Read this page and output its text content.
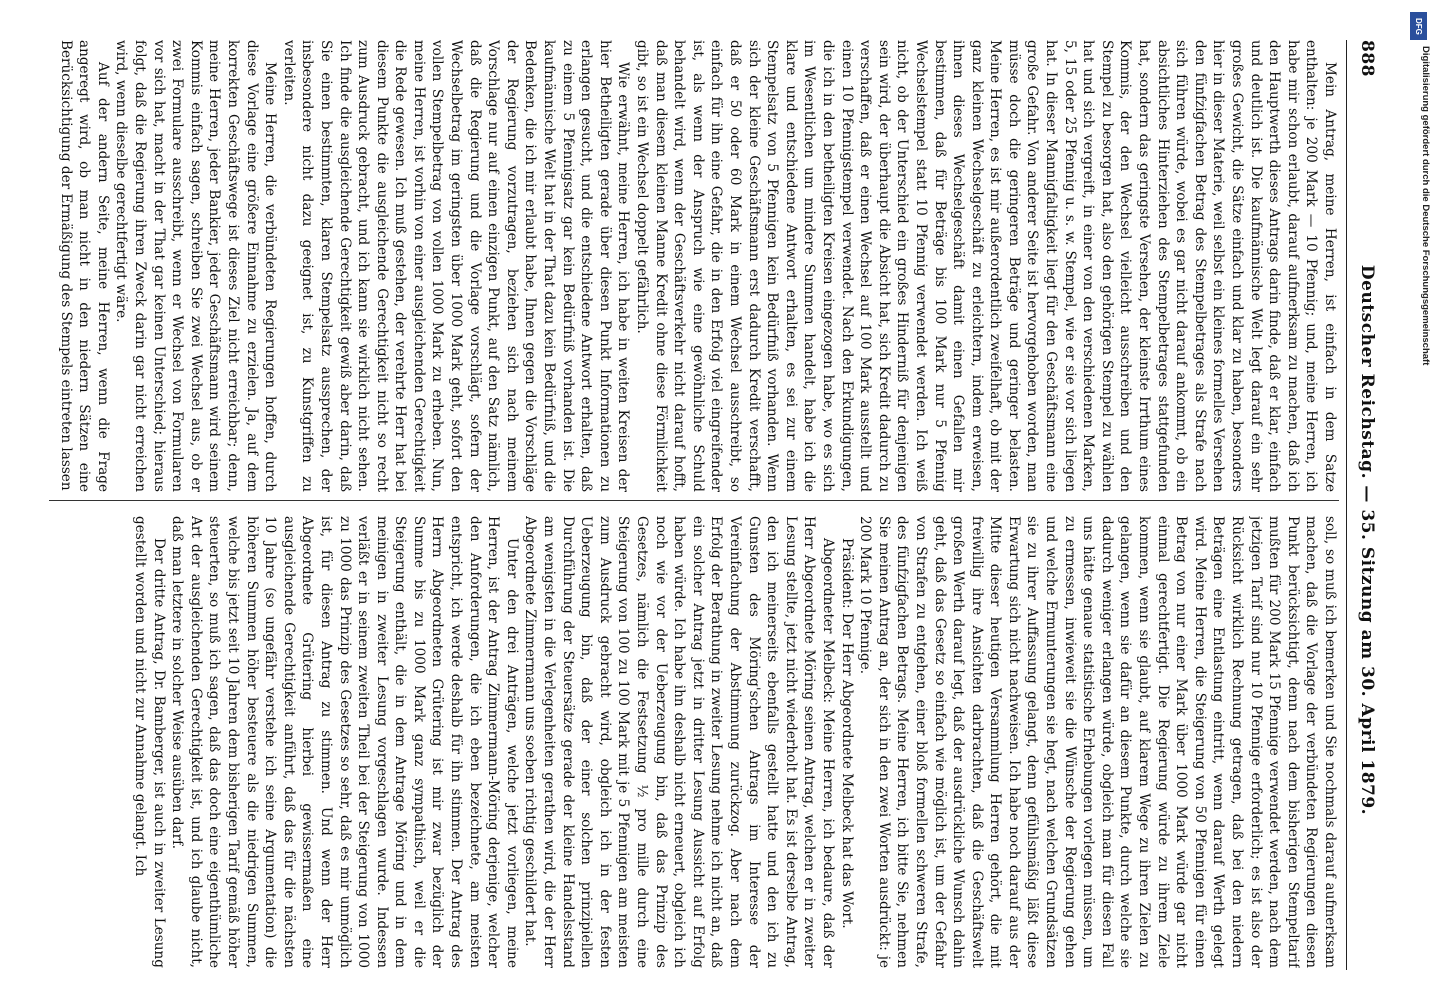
888
Deutscher Reichstag. — 35. Sitzung am 30. April 1879.

Mein Antrag, meine Herren, ist einfach in dem Satze enthalten: je 200 Mark — 10 Pfennig; und, meine Herren, ich habe mir schon erlaubt, darauf aufmerksam zu machen, daß ich den Hauptwerth dieses Antrags darin finde, daß er klar, einfach und deutlich ist. Die kaufmännische Welt legt darauf ein sehr großes Gewicht, die Sätze einfach und klar zu haben, besonders hier in dieser Materie, weil selbst ein kleines formelles Versehen den fünfzigfachen Betrag des Stempelbetrages als Strafe nach sich führen würde, wobei es gar nicht darauf ankommt, ob ein absichtliches Hinterziehen des Stempelbetrages stattgefunden hat, sondern das geringste Versehen, der kleinste Irrthum eines Kommis, der den Wechsel vielleicht ausschreiben und den Stempel zu besorgen hat, also den gehörigen Stempel zu wählen hat und sich vergreift, in einer von den verschiedenen Marken, 5, 15 oder 25 Pfennig u. s. w. Stempel, wie er sie vor sich liegen hat. In dieser Mannigfaltigkeit liegt für den Geschäftsmann eine große Gefahr. Von anderer Seite ist hervorgehoben worden, man müsse doch die geringeren Beträge und geringer belasten. Meine Herren, es ist mir außerordentlich zweifelhaft, ob mit der ganz kleinen Wechselgeschäft zu erleichtern, indem erweisen, ihnen dieses Wechselgeschäft damit einen Gefallen mir bestimmen, daß für Beträge bis 100 Mark nur 5 Pfennig Wechselstempel statt 10 Pfennig verwendet werden. Ich weiß nicht, ob der Unterschied ein großes Hinderniß für denjenigen sein wird, der überhaupt die Absicht hat, sich Kredit dadurch zu verschaffen, daß er einen Wechsel auf 100 Mark ausstellt und einen 10 Pfennigstempel verwendet. Nach den Erkundigungen, die ich in den betheiligten Kreisen eingezogen habe, wo es sich im Wesentlichen um mindere Summen handelt, habe ich die klare und entschiedene Antwort erhalten, es sei zur einem Stempelsatz von 5 Pfennigen kein Bedürfniß vorhanden. Wenn sich der kleine Geschäftsmann erst dadurch Kredit verschafft, daß er 50 oder 60 Mark in einem Wechsel ausschreibt, so einfach für ihn eine Gefahr, die in den Erfolg viel eingreifender ist, als wenn der Anspruch wie eine gewöhnliche Schuld behandelt wird, wenn der Geschäftsverkehr nicht darauf hofft, daß man diesem kleinen Manne Kredit ohne diese Förmlichkeit gibt, so ist ein Wechsel doppelt gefährlich.

Wie erwähnt, meine Herren, ich habe in weiten Kreisen der hier Betheiligten gerade über diesen Punkt Informationen zu erlangen gesucht, und die entschiedene Antwort erhalten, daß zu einem 5 Pfennigsatz gar kein Bedürfniß vorhanden ist. Die kaufmännische Welt hat in der That dazu kein Bedürfniß, und die Bedenken, die ich mir erlaubt habe, Ihnen gegen die Vorschläge der Regierung vorzutragen, beziehen sich nach meinem Vorschlage nur auf einen einzigen Punkt, auf den Satz nämlich, daß die Regierung und die Vorlage vorschlägt, sofern der Wechselbetrag im geringsten über 1000 Mark geht, sofort den vollen Stempelbetrag von vollen 1000 Mark zu erheben. Nun, meine Herren, ist vorhin von einer ausgleichenden Gerechtigkeit die Rede gewesen. Ich muß gestehen, der verehrte Herr hat bei diesem Punkte die ausgleichende Gerechtigkeit nicht so recht zum Ausdruck gebracht, und ich kann sie wirklich nicht sehen. Ich finde die ausgleichende Gerechtigkeit gewiß aber darin, daß Sie einen bestimmten, klaren Stempelsatz aussprechen, der insbesondere nicht dazu geeignet ist, zu Kunstgriffen zu verleiten.

Meine Herren, die verbündeten Regierungen hoffen, durch diese Vorlage eine größere Einnahme zu erzielen. Ja, auf dem korrekten Geschäftswege ist dieses Ziel nicht erreichbar; denn, meine Herren, jeder Bankier, jeder Geschäftsmann wird seinem Kommis einfach sagen, schreiben Sie zwei Wechsel aus, ob er zwei Formulare ausschreibt, wenn er Wechsel von Formularen vor sich hat, macht in der That gar keinen Unterschied; hieraus folgt, daß die Regierung ihren Zweck darin gar nicht erreichen wird, wenn dieselbe gerechtfertigt wäre.

Auf der andern Seite, meine Herren, wenn die Frage angeregt wird, ob man nicht in den niedern Sätzen eine Berücksichtigung der Ermäßigung des Stempels eintreten lassen

soll, so muß ich bemerken und Sie nochmals darauf aufmerksam machen, daß die Vorlage der verbündeten Regierungen diesen Punkt berücksichtigt, denn nach dem bisherigen Stempeltarif mußten für 200 Mark 15 Pfennige verwendet werden, nach dem jetzigen Tarif sind nur 10 Pfennige erforderlich; es ist also der Rücksicht wirklich Rechnung getragen, daß bei den niedern Beträgen eine Entlastung eintritt, wenn darauf Werth gelegt wird. Meine Herren, die Steigerung von 50 Pfennigen für einen Betrag von nur einer Mark über 1000 Mark würde gar nicht einmal gerechtfertigt. Die Regierung würde zu ihrem Ziele kommen, wenn sie glaubt, auf klarem Wege zu ihren Zielen zu gelangen, wenn sie dafür an diesem Punkte, durch welche sie dadurch weniger erlangen würde, obgleich man für diesen Fall uns hätte genaue statistische Erhebungen vorlegen müssen, um zu ermessen, inwieweit sie die Wünsche der Regierung gehen und welche Ermunterungen sie hegt, nach welchen Grundsätzen sie zu ihrer Auffassung gelangt, denn gefühlsmäßig läßt diese Erwartung sich nicht nachweisen. Ich habe noch darauf aus der Mitte dieser heutigen Versammlung Herren gehört, die mit freiwillig ihre Ansichten darbrachten, daß die Geschäftswelt großen Werth darauf legt, daß der ausdrückliche Wunsch dahin geht, daß das Gesetz so einfach wie möglich ist, um der Gefahr von Strafen zu entgehen, einer bloß formellen schweren Strafe, des fünfzigfachen Betrags. Meine Herren, ich bitte Sie, nehmen Sie meinen Antrag an, der sich in den zwei Worten ausdrückt: je 200 Mark 10 Pfennige.

Präsident: Der Herr Abgeordnete Melbeck hat das Wort.

Abgeordneter Melbeck: Meine Herren, ich bedaure, daß der Herr Abgeordnete Möring seinen Antrag, welchen er in zweiter Lesung stellte, jetzt nicht wiederholt hat. Es ist derselbe Antrag, den ich meinerseits ebenfalls gestellt hatte und den ich zu Gunsten des Möring'schen Antrags im Interesse der Vereinfachung der Abstimmung zurückzog. Aber nach dem Erfolg der Berathung in zweiter Lesung nehme ich nicht an, daß ein solcher Antrag jetzt in dritter Lesung Aussicht auf Erfolg haben würde. Ich habe ihn deshalb nicht erneuert, obgleich ich noch wie vor der Ueberzeugung bin, daß das Prinzip des Gesetzes, nämlich die Festsetzung ½ pro mille durch eine Steigerung von 100 zu 100 Mark mit je 5 Pfennigen am meisten zum Ausdruck gebracht wird, obgleich ich in der festen Ueberzeugung bin, daß der einer solchen prinzipiellen Durchführung der Steuersätze gerade der kleine Handelsstand am wenigsten in die Verlegenheiten gerathen wird, die der Herr Abgeordnete Zimmermann uns soeben richtig geschildert hat.

Unter den drei Anträgen, welche jetzt vorliegen, meine Herren, ist der Antrag Zimmermann-Möring derjenige, welcher den Anforderungen, die ich eben bezeichnete, am meisten entspricht, ich werde deshalb für ihn stimmen. Der Antrag des Herrn Abgeordneten Grütering ist mir zwar bezüglich der Summe bis zu 1000 Mark ganz sympathisch, weil er die Steigerung enthält, die in dem Antrage Möring und in dem meinigen in zweiter Lesung vorgeschlagen wurde. Indessen verläßt er in seinem zweiten Theil bei der Steigerung von 1000 zu 1000 das Prinzip des Gesetzes so sehr, daß es mir unmöglich ist, für diesen Antrag zu stimmen. Und wenn der Herr Abgeordnete Grütering hierbei gewissermaßen eine ausgleichende Gerechtigkeit anführt, daß das für die nächsten 10 Jahre (so ungefähr verstehe ich seine Argumentation) die höheren Summen höher besteuere als die niedrigen Summen, welche bis jetzt seit 10 Jahren dem bisherigen Tarif gemäß höher steuerten, so muß ich sagen, daß das doch eine eigenthümliche Art der ausgleichenden Gerechtigkeit ist, und ich glaube nicht, daß man letztere in solcher Weise ausüben darf.

Der dritte Antrag, Dr. Bamberger, ist auch in zweiter Lesung gestellt worden und nicht zur Annahme gelangt. Ich

DFG
Digitalisierung gefördert durch die Deutsche Forschungsgemeinschaft
